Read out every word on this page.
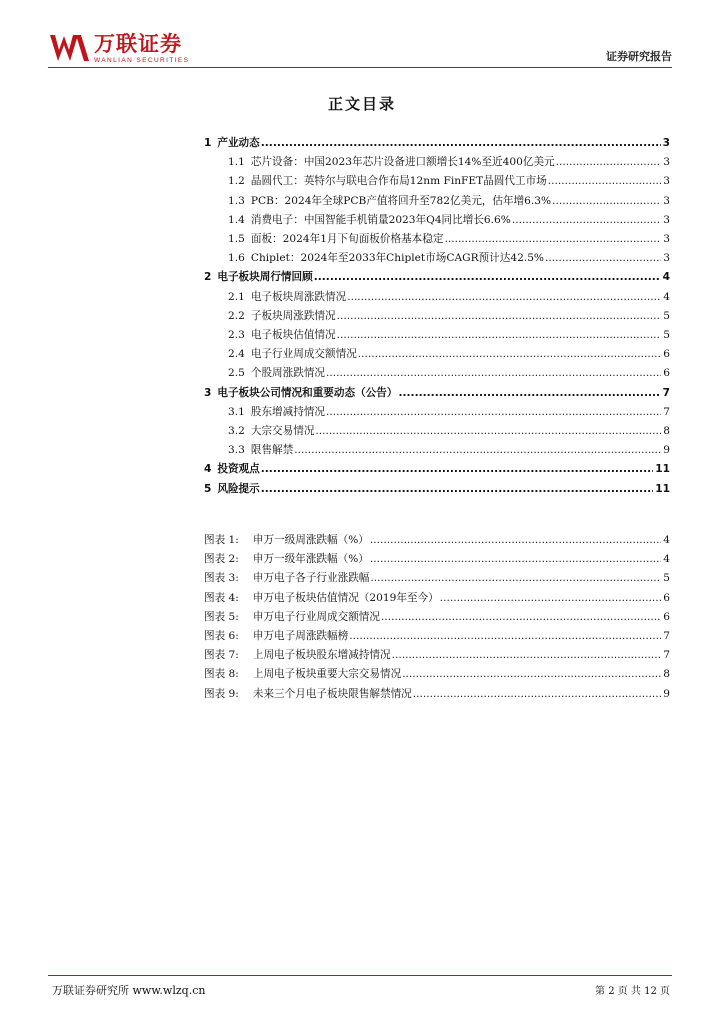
万联证券
WANLIAN SECURITIES	证券研究报告
正文目录
1 产业动态 .....	3
1.1 芯片设备：中国2023年芯片设备进口额增长14%至近400亿美元 .....	3
1.2 晶圆代工：英特尔与联电合作布局12nm FinFET晶圆代工市场 .....	3
1.3 PCB：2024年全球PCB产值将回升至782亿美元，估年增6.3% .....	3
1.4 消费电子：中国智能手机销量2023年Q4同比增长6.6% .....	3
1.5 面板：2024年1月下旬面板价格基本稳定 .....	3
1.6 Chiplet：2024年至2033年Chiplet市场CAGR预计达42.5% .....	3
2 电子板块周行情回顾 .....	4
2.1 电子板块周涨跌情况 .....	4
2.2 子板块周涨跌情况 .....	5
2.3 电子板块估值情况 .....	5
2.4 电子行业周成交额情况 .....	6
2.5 个股周涨跌情况 .....	6
3 电子板块公司情况和重要动态（公告） .....	7
3.1 股东增减持情况 .....	7
3.2 大宗交易情况 .....	8
3.3 限售解禁 .....	9
4 投资观点 .....	11
5 风险提示 .....	11
图表 1: 申万一级周涨跌幅（%） .....	4
图表 2: 申万一级年涨跌幅（%） .....	4
图表 3: 申万电子各子行业涨跌幅 .....	5
图表 4: 申万电子板块估值情况（2019年至今） .....	6
图表 5: 申万电子行业周成交额情况 .....	6
图表 6: 申万电子周涨跌幅榜 .....	7
图表 7: 上周电子板块股东增减持情况 .....	7
图表 8: 上周电子板块重要大宗交易情况 .....	8
图表 9: 未来三个月电子板块限售解禁情况 .....	9
万联证券研究所 www.wlzq.cn	第 2 页 共 12 页
